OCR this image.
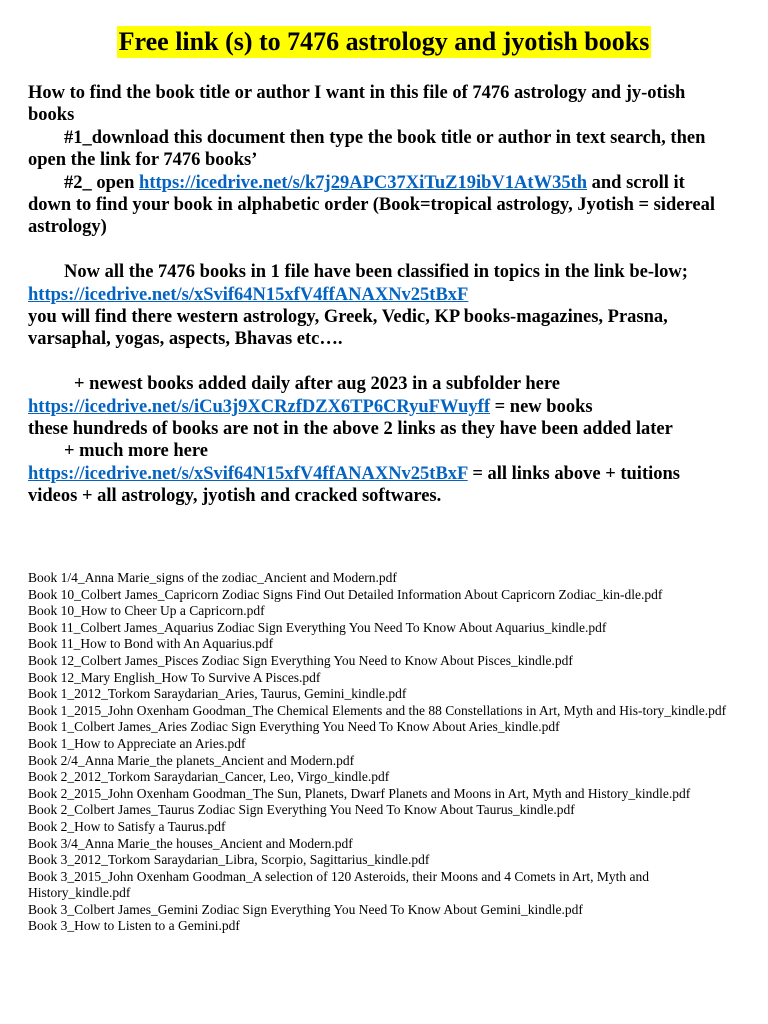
Free link (s) to 7476 astrology and jyotish books

How to find the book title or author I want in this file of 7476 astrology and jy-otish books

#1_download this document then type the book title or author in text search, then open the link for 7476 books’

#2_ open https://icedrive.net/s/k7j29APC37XiTuZ19ibV1AtW35th and scroll it down to find your book in alphabetic order (Book=tropical astrology, Jyotish = sidereal astrology)

Now all the 7476 books in 1 file have been classified in topics in the link be-low;

https://icedrive.net/s/xSvif64N15xfV4ffANAXNv25tBxF

you will find there western astrology, Greek, Vedic, KP books-magazines, Prasna, varsaphal, yogas, aspects, Bhavas etc….

+ newest books added daily after aug 2023 in a subfolder here

https://icedrive.net/s/iCu3j9XCRzfDZX6TP6CRyuFWuyff = new books

these hundreds of books are not in the above 2 links as they have been added later

+ much more here

https://icedrive.net/s/xSvif64N15xfV4ffANAXNv25tBxF = all links above + tuitions videos + all astrology, jyotish and cracked softwares.

Book 1/4_Anna Marie_signs of the zodiac_Ancient and Modern.pdf
Book 10_Colbert James_Capricorn Zodiac Signs Find Out Detailed Information About Capricorn Zodiac_kin-dle.pdf
Book 10_How to Cheer Up a Capricorn.pdf
Book 11_Colbert James_Aquarius Zodiac Sign Everything You Need To Know About Aquarius_kindle.pdf
Book 11_How to Bond with An Aquarius.pdf
Book 12_Colbert James_Pisces Zodiac Sign Everything You Need to Know About Pisces_kindle.pdf
Book 12_Mary English_How To Survive A Pisces.pdf
Book 1_2012_Torkom Saraydarian_Aries, Taurus, Gemini_kindle.pdf
Book 1_2015_John Oxenham Goodman_The Chemical Elements and the 88 Constellations in Art, Myth and His-tory_kindle.pdf
Book 1_Colbert James_Aries Zodiac Sign Everything You Need To Know About Aries_kindle.pdf
Book 1_How to Appreciate an Aries.pdf
Book 2/4_Anna Marie_the planets_Ancient and Modern.pdf
Book 2_2012_Torkom Saraydarian_Cancer, Leo, Virgo_kindle.pdf
Book 2_2015_John Oxenham Goodman_The Sun, Planets, Dwarf Planets and Moons in Art, Myth and History_kindle.pdf
Book 2_Colbert James_Taurus Zodiac Sign Everything You Need To Know About Taurus_kindle.pdf
Book 2_How to Satisfy a Taurus.pdf
Book 3/4_Anna Marie_the houses_Ancient and Modern.pdf
Book 3_2012_Torkom Saraydarian_Libra, Scorpio, Sagittarius_kindle.pdf
Book 3_2015_John Oxenham Goodman_A selection of 120 Asteroids, their Moons and 4 Comets in Art, Myth and History_kindle.pdf
Book 3_Colbert James_Gemini Zodiac Sign Everything You Need To Know About Gemini_kindle.pdf
Book 3_How to Listen to a Gemini.pdf
